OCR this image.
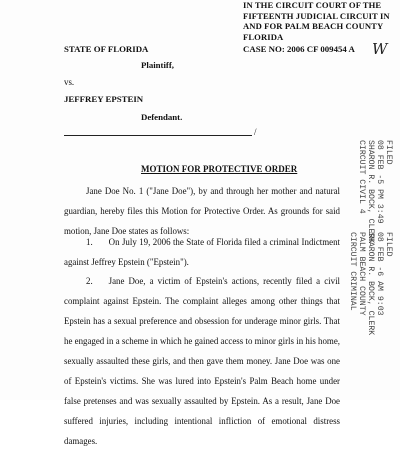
IN THE CIRCUIT COURT OF THE
FIFTEENTH JUDICIAL CIRCUIT IN
AND FOR PALM BEACH COUNTY
FLORIDA
STATE OF FLORIDA	CASE NO: 2006 CF 009454 A W
Plaintiff,
vs.
JEFFREY EPSTEIN
Defendant.
/
MOTION FOR PROTECTIVE ORDER
Jane Doe No. 1 ("Jane Doe"), by and through her mother and natural guardian, hereby files this Motion for Protective Order. As grounds for said motion, Jane Doe states as follows:
1. On July 19, 2006 the State of Florida filed a criminal Indictment against Jeffrey Epstein ("Epstein").
2. Jane Doe, a victim of Epstein's actions, recently filed a civil complaint against Epstein. The complaint alleges among other things that Epstein has a sexual preference and obsession for underage minor girls. That he engaged in a scheme in which he gained access to minor girls in his home, sexually assaulted these girls, and then gave them money. Jane Doe was one of Epstein's victims. She was lured into Epstein's Palm Beach home under false pretenses and was sexually assaulted by Epstein. As a result, Jane Doe suffered injuries, including intentional infliction of emotional distress damages.
FILED
08 FEB -5 PM 3:49
SHARON R. BOCK, CLERK
CIRCUIT CIVIL 4
FILED
08 FEB -6 AM 9:03
SHARON R. BOCK, CLERK
PALM BEACH COUNTY
CIRCUIT CRIMINAL
